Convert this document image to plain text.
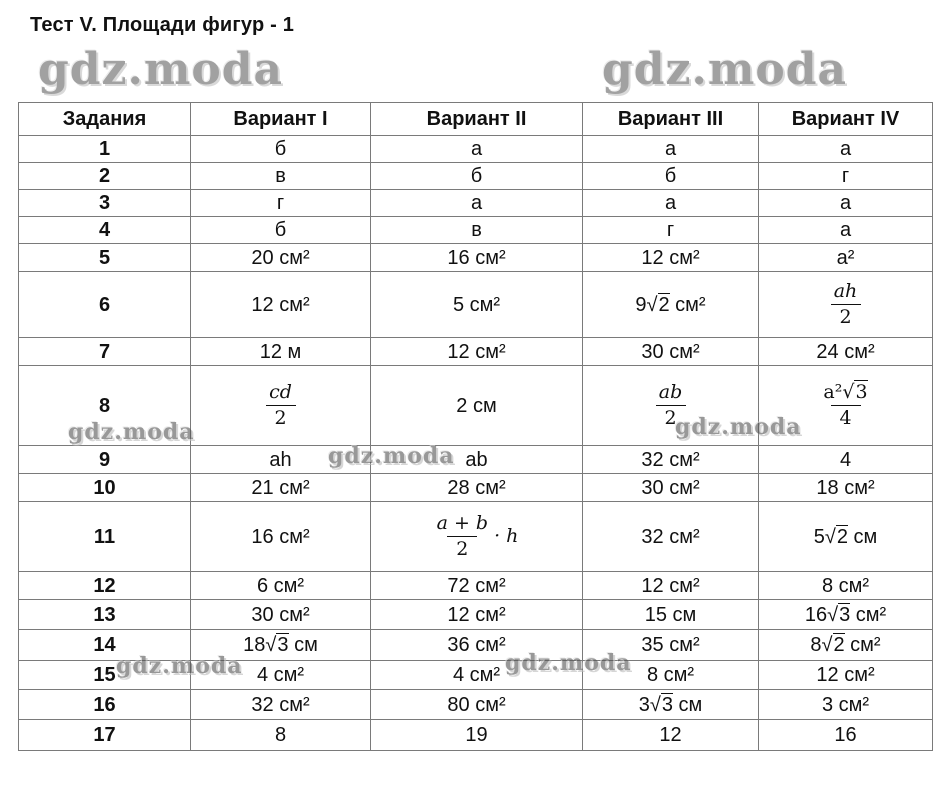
Тест V. Площади фигур - 1
gdz.moda	gdz.moda
gdz.moda	gdz.moda
gdz.moda
gdz.moda	gdz.moda
Задания	Вариант I	Вариант II	Вариант III	Вариант IV
1	б	а	а	а
2	в	б	б	г
3	г	а	а	а
4	б	в	г	а
5	20 см²	16 см²	12 см²	a²
6	12 см²	5 см²	9√2 см²	$\frac{ah}{2}$

7	12 м	12 см²	30 см²	24 см²
8	$\frac{cd}{2}$	2 см	$\frac{ab}{2}$	$\frac{\text{a²√3}}{4}$

9	ah	ab	32 см²	4
10	21 см²	28 см²	30 см²	18 см²
11	16 см²	$\frac{a + b}{2} \cdot h$	32 см²	5√2 см
12	6 см²	72 см²	12 см²	8 см²
13	30 см²	12 см²	15 см	16√3 см²
14	18√3 см	36 см²	35 см²	8√2 см²
15	4 см²	4 см²	8 см²	12 см²
16	32 см²	80 см²	3√3 см	3 см²
17	8	19	12	16
